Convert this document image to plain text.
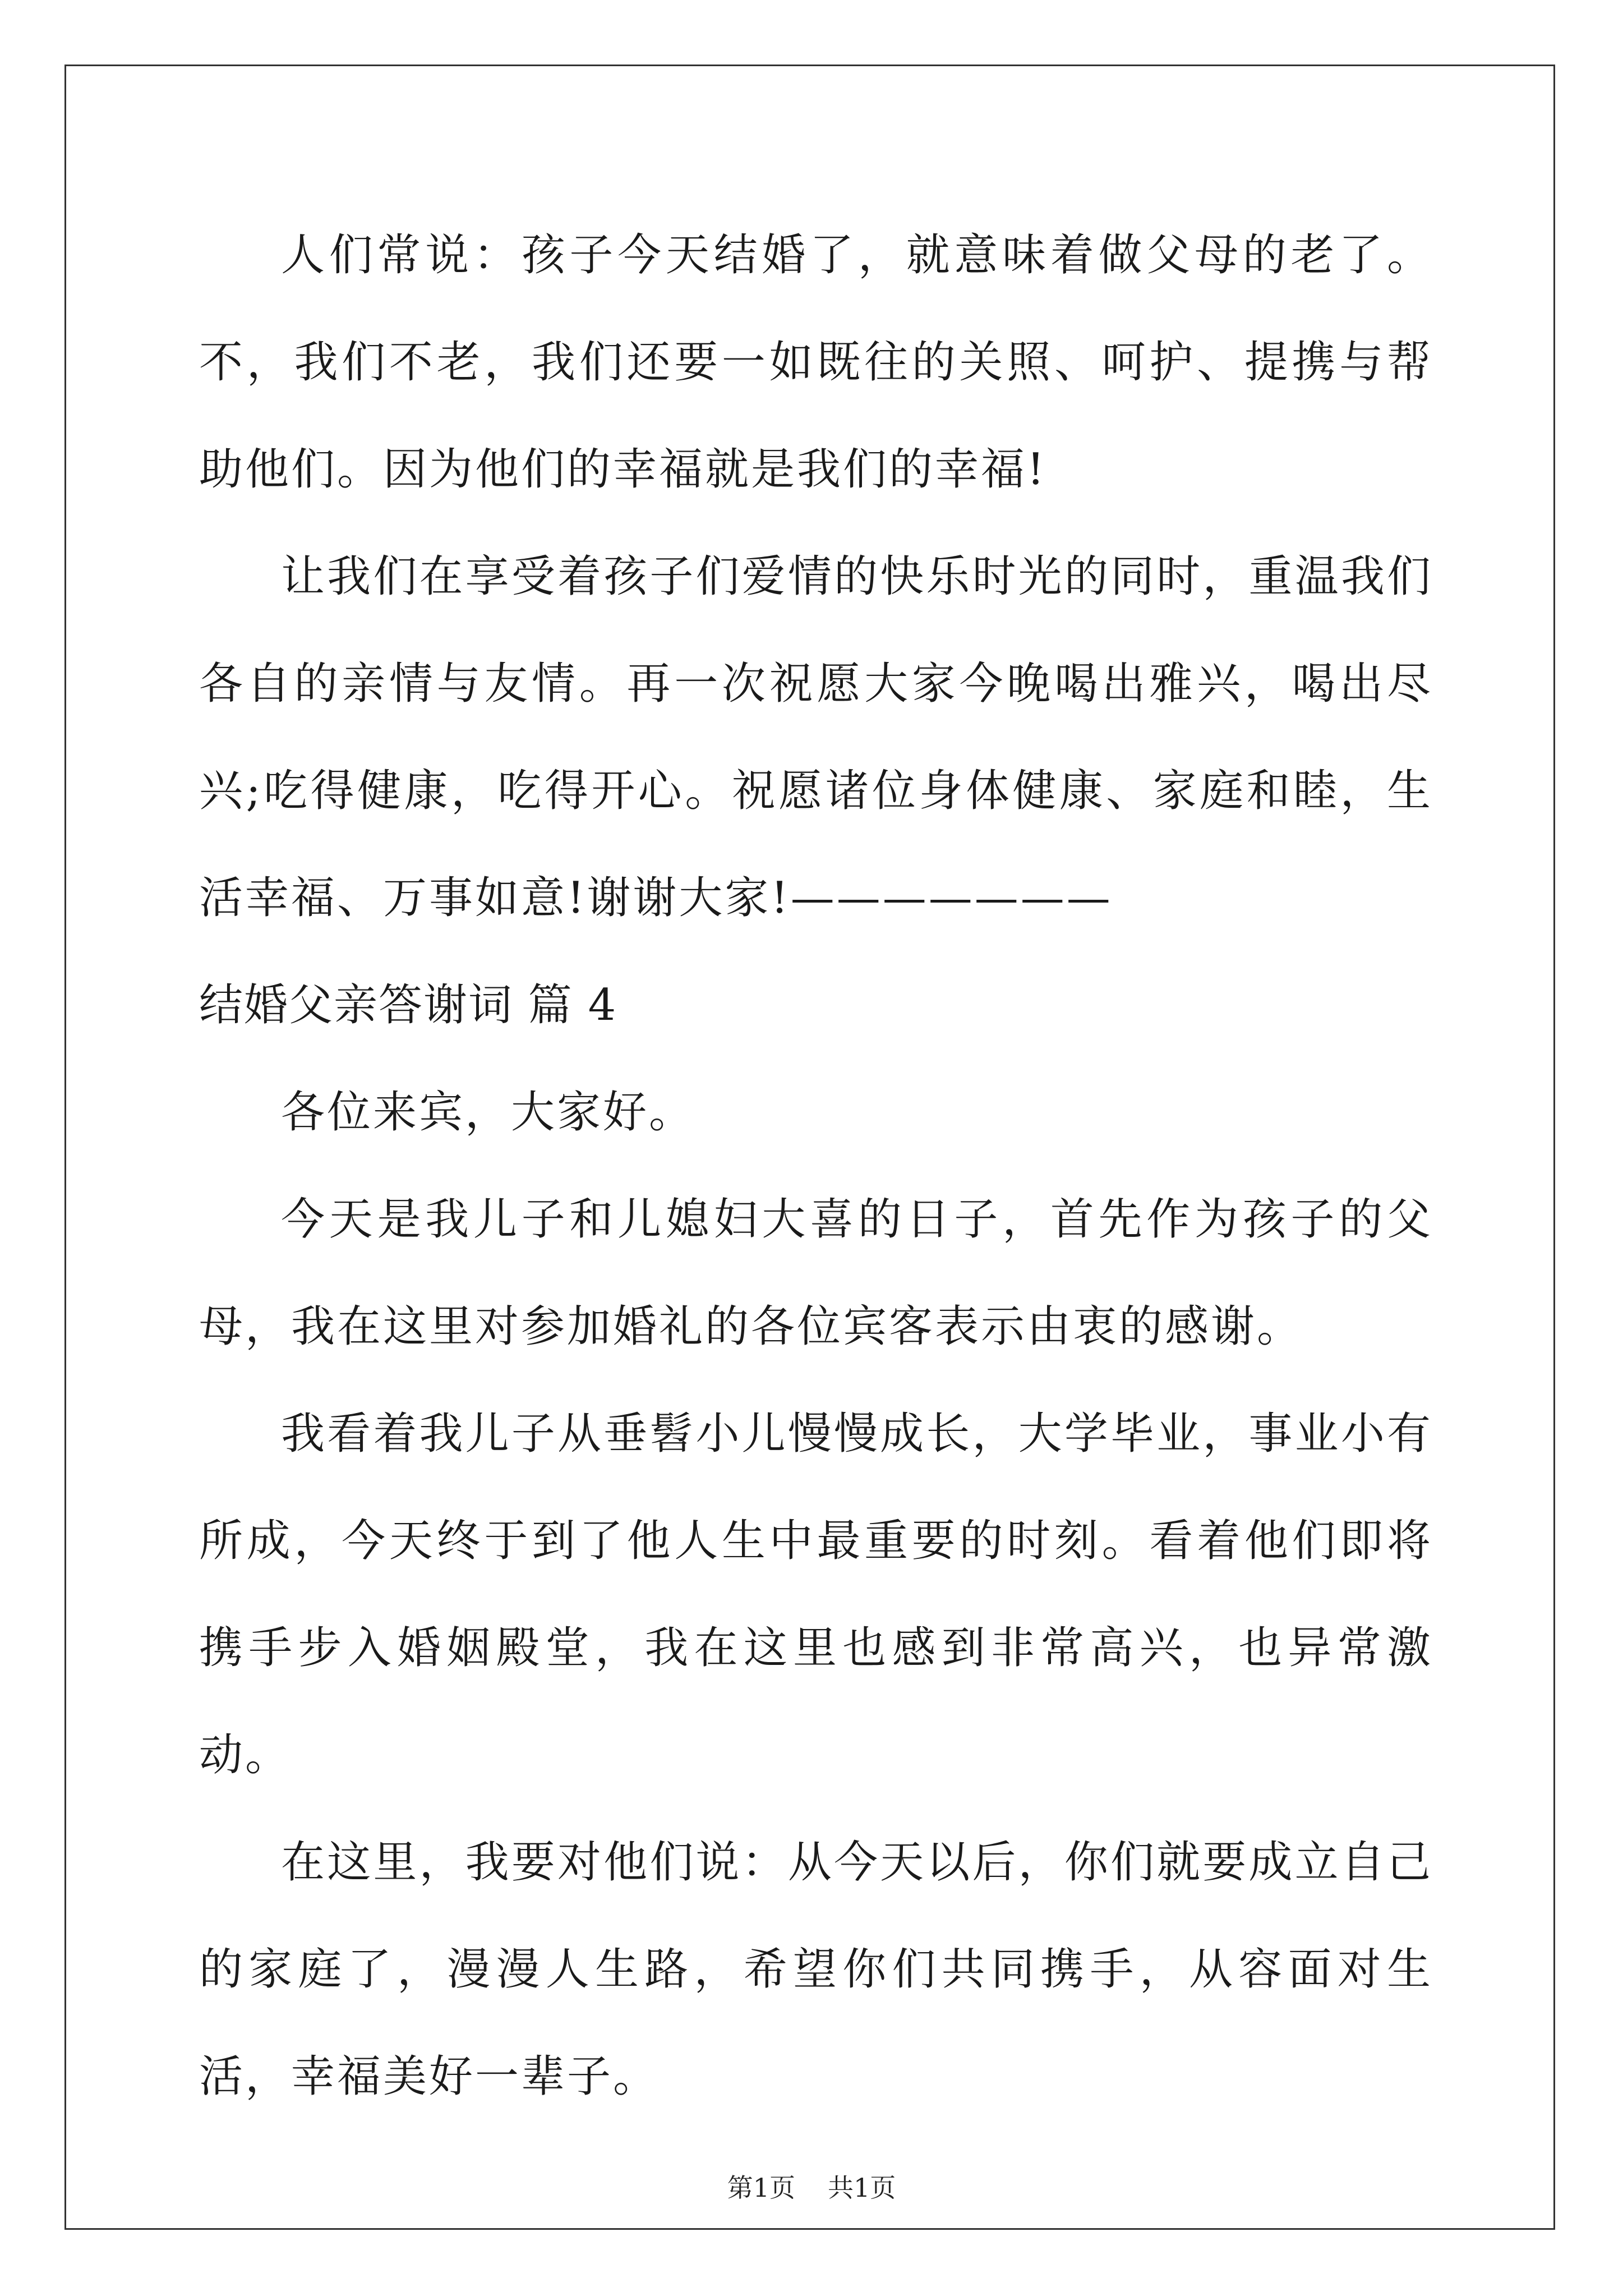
人们常说：孩子今天结婚了，就意味着做父母的老了。不，我们不老，我们还要一如既往的关照、呵护、提携与帮助他们。因为他们的幸福就是我们的幸福!

让我们在享受着孩子们爱情的快乐时光的同时，重温我们各自的亲情与友情。再一次祝愿大家今晚喝出雅兴，喝出尽兴;吃得健康，吃得开心。祝愿诸位身体健康、家庭和睦，生活幸福、万事如意!谢谢大家!———————

结婚父亲答谢词 篇 4

各位来宾，大家好。

今天是我儿子和儿媳妇大喜的日子，首先作为孩子的父母，我在这里对参加婚礼的各位宾客表示由衷的感谢。

我看着我儿子从垂髫小儿慢慢成长，大学毕业，事业小有所成，今天终于到了他人生中最重要的时刻。看着他们即将携手步入婚姻殿堂，我在这里也感到非常高兴，也异常激动。

在这里，我要对他们说：从今天以后，你们就要成立自己的家庭了，漫漫人生路，希望你们共同携手，从容面对生活，幸福美好一辈子。

第1页 共1页
